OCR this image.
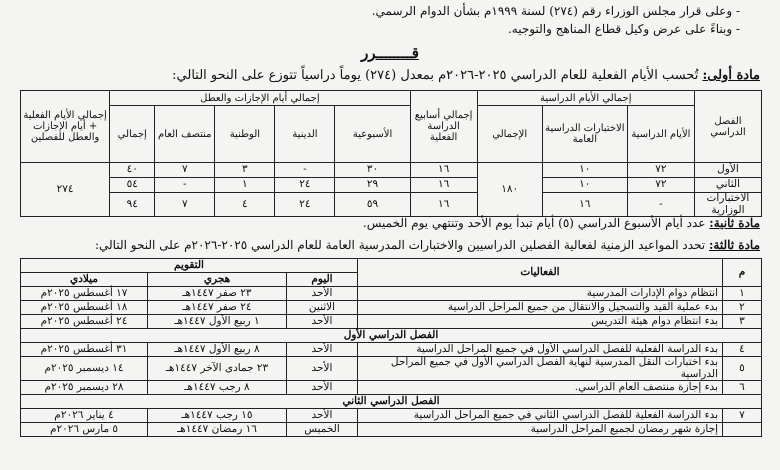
- وعلى قرار مجلس الوزراء رقم (٢٧٤) لسنة ١٩٩٩م بشأن الدوام الرسمي.
- وبناءً على عرض وكيل قطاع المناهج والتوجيه.
قــــــــرر
مادة أولى: تُحسب الأيام الفعلية للعام الدراسي ٢٠٢٥-٢٠٢٦م بمعدل (٢٧٤) يوماً دراسياً تتوزع على النحو التالي:
الفصل الدراسي	إجمالي الأيام الدراسية			إجمالي أسابيع الدراسة الفعلية	إجمالي أيام الإجازات والعطل					إجمالي الأيام الفعلية + أيام الإجازات والعطل للفصلين
	الأيام الدراسية	الاختبارات الدراسية العامة	الإجمالي		الأسبوعية	الدينية	الوطنية	منتصف العام	إجمالي	
الأول	٧٢	١٠	١٨٠	١٦	٣٠	-	٣	٧	٤٠	٢٧٤
الثاني	٧٢	١٠		١٦	٢٩	٢٤	١	-	٥٤	
الاختبارات الوزارية	-	١٦		١٦	٥٩	٢٤	٤	٧	٩٤	
مادة ثانية: عدد أيام الأسبوع الدراسي (٥) أيام تبدأ يوم الأحد وتنتهي يوم الخميس.
مادة ثالثة: تحدد المواعيد الزمنية لفعالية الفصلين الدراسيين والاختبارات المدرسية العامة للعام الدراسي ٢٠٢٥-٢٠٢٦م على النحو التالي:
م	الفعاليات	التقويم		
		اليوم	هجري	ميلادي
١	انتظام دوام الإدارات المدرسية	الأحد	٢٣ صفر ١٤٤٧هـ	١٧ أغسطس ٢٠٢٥م
٢	بدء عملية القيد والتسجيل والانتقال من جميع المراحل الدراسية	الاثنين	٢٤ صفر ١٤٤٧هـ	١٨ أغسطس ٢٠٢٥م
٣	بدء انتظام دوام هيئة التدريس	الأحد	١ ربيع الأول ١٤٤٧هـ	٢٤ أغسطس ٢٠٢٥م
الفصل الدراسي الأول				
٤	بدء الدراسة الفعلية للفصل الدراسي الأول في جميع المراحل الدراسية	الأحد	٨ ربيع الأول ١٤٤٧هـ	٣١ أغسطس ٢٠٢٥م
٥	بدء اختبارات النقل المدرسية لنهاية الفصل الدراسي الأول في جميع المراحل الدراسية	الأحد	٢٣ جمادى الآخر ١٤٤٧هـ	١٤ ديسمبر ٢٠٢٥م
٦	بدء إجازة منتصف العام الدراسي.	الأحد	٨ رجب ١٤٤٧هـ	٢٨ ديسمبر ٢٠٢٥م
الفصل الدراسي الثاني				
٧	بدء الدراسة الفعلية للفصل الدراسي الثاني في جميع المراحل الدراسية	الأحد	١٥ رجب ١٤٤٧هـ	٤ يناير ٢٠٢٦م
	إجازة شهر رمضان لجميع المراحل الدراسية	الخميس	١٦ رمضان ١٤٤٧هـ	٥ مارس ٢٠٢٦م
